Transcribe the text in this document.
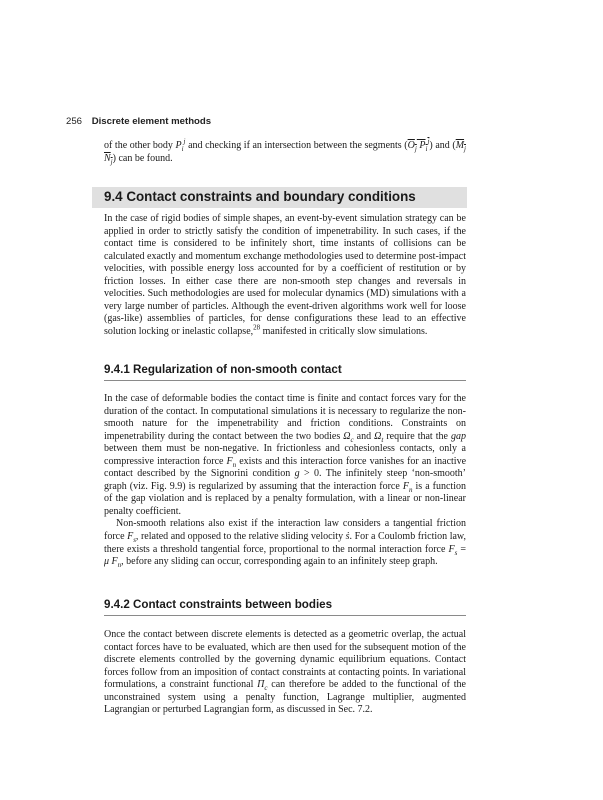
256 Discrete element methods

of the other body $P_i^j$ and checking if an intersection between the segments ($O_j$ $P_i^j$) and ($M_j$ $N_j$) can be found.

9.4 Contact constraints and boundary conditions

In the case of rigid bodies of simple shapes, an event-by-event simulation strategy can be applied in order to strictly satisfy the condition of impenetrability. In such cases, if the contact time is considered to be infinitely short, time instants of collisions can be calculated exactly and momentum exchange methodologies used to determine post-impact velocities, with possible energy loss accounted for by a coefficient of restitution or by friction losses. In either case there are non-smooth step changes and reversals in velocities. Such methodologies are used for molecular dynamics (MD) simulations with a very large number of particles. Although the event-driven algorithms work well for loose (gas-like) assemblies of particles, for dense configurations these lead to an effective solution locking or inelastic collapse,$^{28}$ manifested in critically slow simulations.

9.4.1 Regularization of non-smooth contact

In the case of deformable bodies the contact time is finite and contact forces vary for the duration of the contact. In computational simulations it is necessary to regularize the non-smooth nature for the impenetrability and friction conditions. Constraints on impenetrability during the contact between the two bodies $\Omega_c$ and $\Omega_t$ require that the gap between them must be non-negative. In frictionless and cohesionless contacts, only a compressive interaction force $F_n$ exists and this interaction force vanishes for an inactive contact described by the Signorini condition g > 0. The infinitely steep ‘non-smooth’ graph (viz. Fig. 9.9) is regularized by assuming that the interaction force $F_n$ is a function of the gap violation and is replaced by a penalty formulation, with a linear or non-linear penalty coefficient.

Non-smooth relations also exist if the interaction law considers a tangential friction force $F_s$, related and opposed to the relative sliding velocity ṡ. For a Coulomb friction law, there exists a threshold tangential force, proportional to the normal interaction force $F_s = \mu$ $F_n$, before any sliding can occur, corresponding again to an infinitely steep graph.

9.4.2 Contact constraints between bodies

Once the contact between discrete elements is detected as a geometric overlap, the actual contact forces have to be evaluated, which are then used for the subsequent motion of the discrete elements controlled by the governing dynamic equilibrium equations. Contact forces follow from an imposition of contact constraints at contacting points. In variational formulations, a constraint functional $\Pi_c$ can therefore be added to the functional of the unconstrained system using a penalty function, Lagrange multiplier, augmented Lagrangian or perturbed Lagrangian form, as discussed in Sec. 7.2.
